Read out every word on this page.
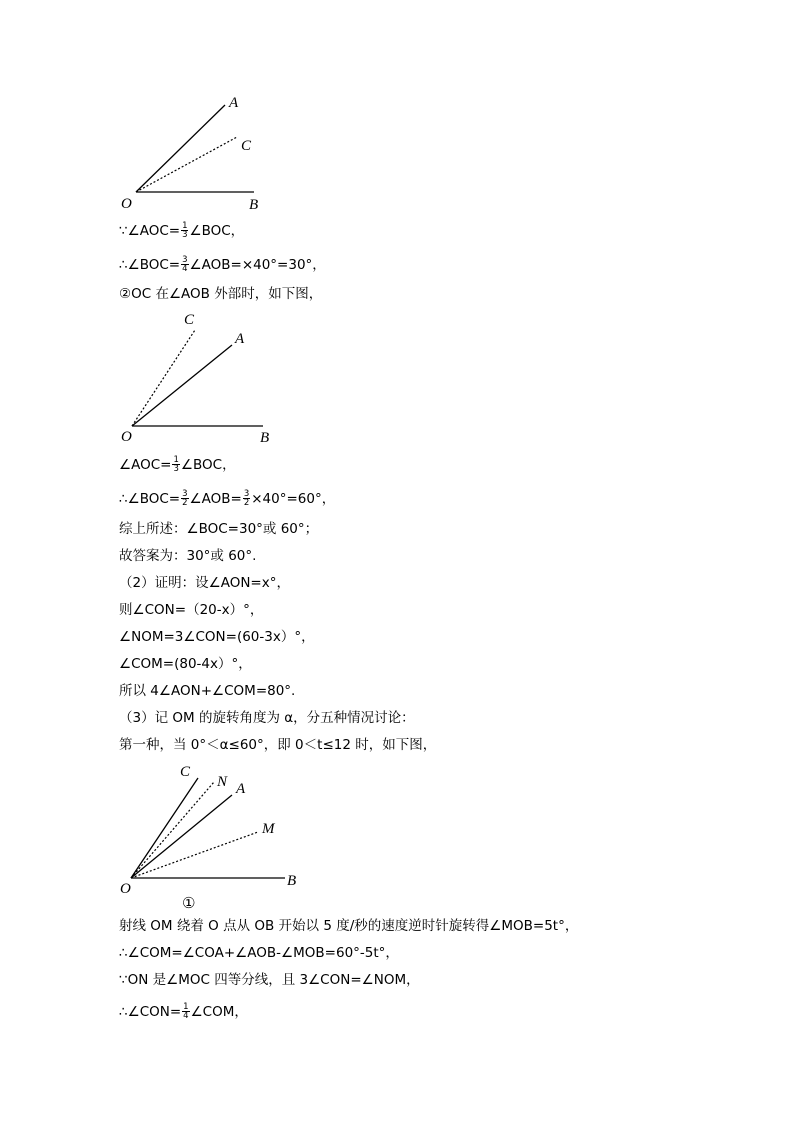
A
C
O	B
C
A
O	B
C
N A
M
O	B
①
∵∠AOC= $\frac{1}{3}$ ∠BOC，
∴∠BOC= $\frac{3}{4}$ ∠AOB=×40°=30°，
②OC 在∠AOB 外部时，如下图，
∠AOC= $\frac{1}{3}$ ∠BOC，
∴∠BOC= $\frac{3}{2}$ ∠AOB= $\frac{3}{2} \times 40^\circ=60^\circ$，
综上所述：∠BOC=30°或 60°；
故答案为：30°或 60°.
（2）证明：设∠AON=x°，
则∠CON=（20-x）°，
∠NOM=3∠CON=(60-3x）°，
∠COM=(80-4x）°，
所以 4∠AON+∠COM=80°.
（3）记 OM 的旋转角度为 α，分五种情况讨论：
第一种，当 0°＜α≤60°，即 0＜t≤12 时，如下图，
射线 OM 绕着 O 点从 OB 开始以 5 度/秒的速度逆时针旋转得∠MOB=5t°，
∴∠COM=∠COA+∠AOB-∠MOB=60°-5t°，
∵ON 是∠MOC 四等分线，且 3∠CON=∠NOM，
∴∠CON= $\frac{1}{4}$ ∠COM，
